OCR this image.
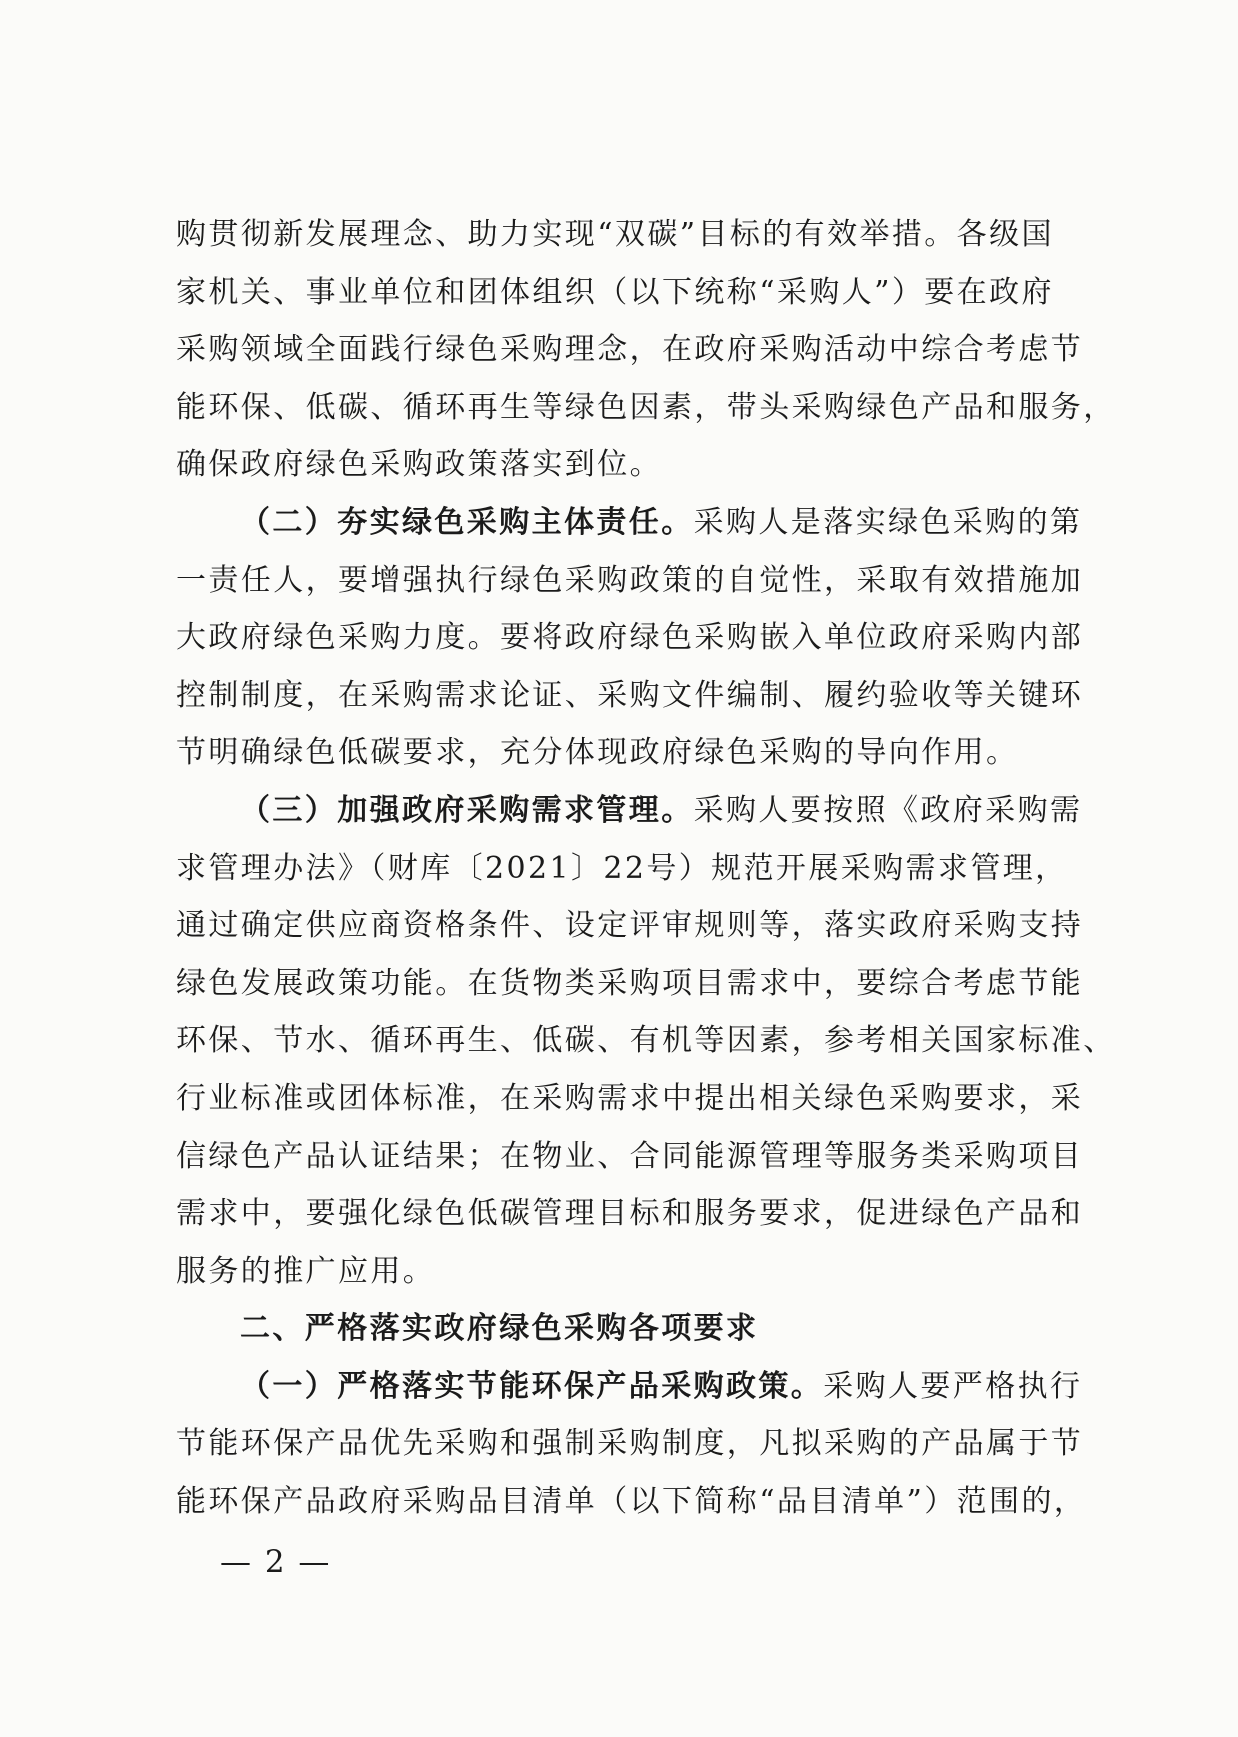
购贯彻新发展理念、助力实现“双碳”目标的有效举措。各级国
家机关、事业单位和团体组织（以下统称“采购人”）要在政府
采购领域全面践行绿色采购理念，在政府采购活动中综合考虑节
能环保、低碳、循环再生等绿色因素，带头采购绿色产品和服务，
确保政府绿色采购政策落实到位。
（二）夯实绿色采购主体责任。采购人是落实绿色采购的第
一责任人，要增强执行绿色采购政策的自觉性，采取有效措施加
大政府绿色采购力度。要将政府绿色采购嵌入单位政府采购内部
控制制度，在采购需求论证、采购文件编制、履约验收等关键环
节明确绿色低碳要求，充分体现政府绿色采购的导向作用。
（三）加强政府采购需求管理。采购人要按照《政府采购需
求管理办法》（财库〔2021〕22号）规范开展采购需求管理，
通过确定供应商资格条件、设定评审规则等，落实政府采购支持
绿色发展政策功能。在货物类采购项目需求中，要综合考虑节能
环保、节水、循环再生、低碳、有机等因素，参考相关国家标准、
行业标准或团体标准，在采购需求中提出相关绿色采购要求，采
信绿色产品认证结果；在物业、合同能源管理等服务类采购项目
需求中，要强化绿色低碳管理目标和服务要求，促进绿色产品和
服务的推广应用。
二、严格落实政府绿色采购各项要求
（一）严格落实节能环保产品采购政策。采购人要严格执行
节能环保产品优先采购和强制采购制度，凡拟采购的产品属于节
能环保产品政府采购品目清单（以下简称“品目清单”）范围的，
— 2 —
